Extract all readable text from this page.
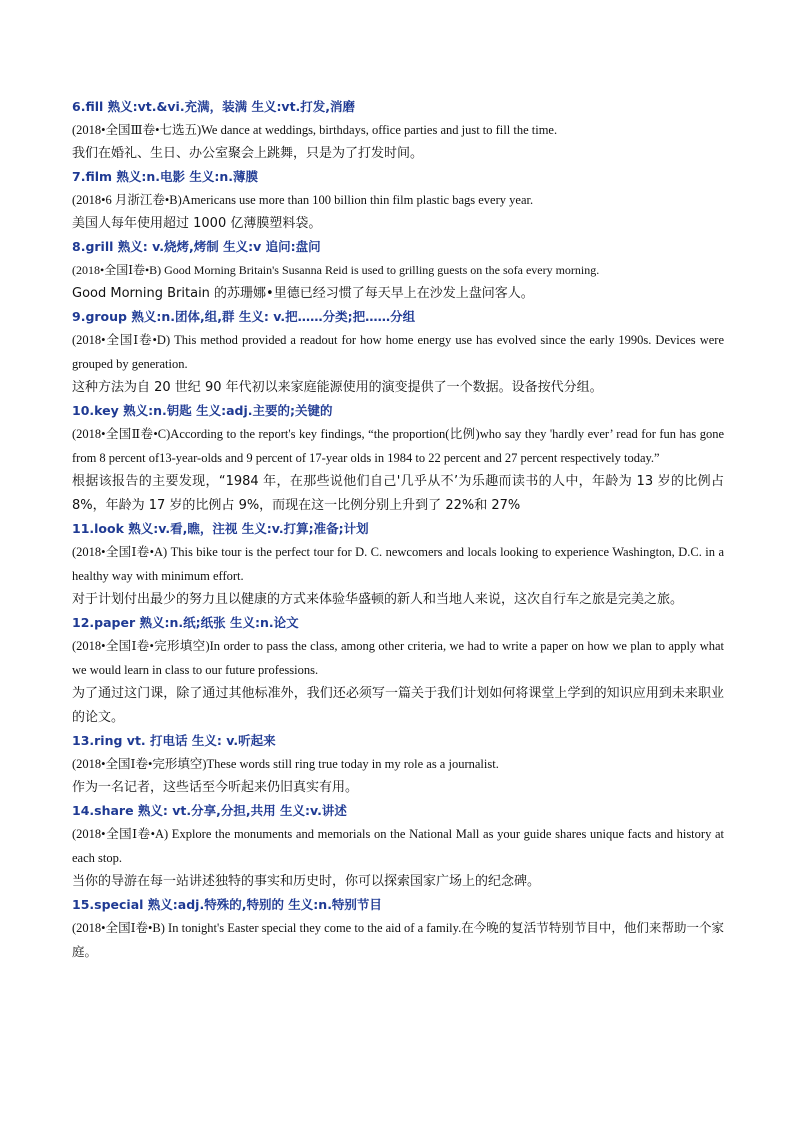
6.fill 熟义:vt.&vi.充满，装满 生义:vt.打发,消磨
(2018•全国Ⅲ卷•七选五)We dance at weddings, birthdays, office parties and just to fill the time.
我们在婚礼、生日、办公室聚会上跳舞，只是为了打发时间。
7.film 熟义:n.电影 生义:n.薄膜
(2018•6 月浙江卷•B)Americans use more than 100 billion thin film plastic bags every year.
美国人每年使用超过 1000 亿薄膜塑料袋。
8.grill 熟义: v.烧烤,烤制 生义:v 追问:盘问
(2018•全国Ⅰ卷•B) Good Morning Britain's Susanna Reid is used to grilling guests on the sofa every morning.
Good Morning Britain 的苏珊娜•里德已经习惯了每天早上在沙发上盘问客人。
9.group 熟义:n.团体,组,群 生义: v.把……分类;把……分组
(2018•全国Ⅰ卷•D) This method provided a readout for how home energy use has evolved since the early 1990s. Devices were grouped by generation.
这种方法为自 20 世纪 90 年代初以来家庭能源使用的演变提供了一个数据。设备按代分组。
10.key 熟义:n.钥匙 生义:adj.主要的;关键的
(2018•全国Ⅱ卷•C)According to the report's key findings, “the proportion(比例)who say they 'hardly ever’ read for fun has gone from 8 percent of13-year-olds and 9 percent of 17-year olds in 1984 to 22 percent and 27 percent respectively today.”
根据该报告的主要发现，“1984 年，在那些说他们自己'几乎从不’为乐趣而读书的人中，年龄为 13 岁的比例占 8%，年龄为 17 岁的比例占 9%，而现在这一比例分别上升到了 22%和 27%
11.look 熟义:v.看,瞧，注视 生义:v.打算;准备;计划
(2018•全国Ⅰ卷•A) This bike tour is the perfect tour for D. C. newcomers and locals looking to experience Washington, D.C. in a healthy way with minimum effort.
对于计划付出最少的努力且以健康的方式来体验华盛顿的新人和当地人来说，这次自行车之旅是完美之旅。
12.paper 熟义:n.纸;纸张 生义:n.论文
(2018•全国Ⅰ卷•完形填空)In order to pass the class, among other criteria, we had to write a paper on how we plan to apply what we would learn in class to our future professions.
为了通过这门课，除了通过其他标准外，我们还必须写一篇关于我们计划如何将课堂上学到的知识应用到未来职业的论文。
13.ring vt. 打电话 生义: v.听起来
(2018•全国Ⅰ卷•完形填空)These words still ring true today in my role as a journalist.
作为一名记者，这些话至今听起来仍旧真实有用。
14.share 熟义: vt.分享,分担,共用 生义:v.讲述
(2018•全国Ⅰ卷•A) Explore the monuments and memorials on the National Mall as your guide shares unique facts and history at each stop.
当你的导游在每一站讲述独特的事实和历史时，你可以探索国家广场上的纪念碑。
15.special 熟义:adj.特殊的,特别的 生义:n.特别节目
(2018•全国Ⅰ卷•B) In tonight's Easter special they come to the aid of a family.在今晚的复活节特别节目中，他们来帮助一个家庭。
